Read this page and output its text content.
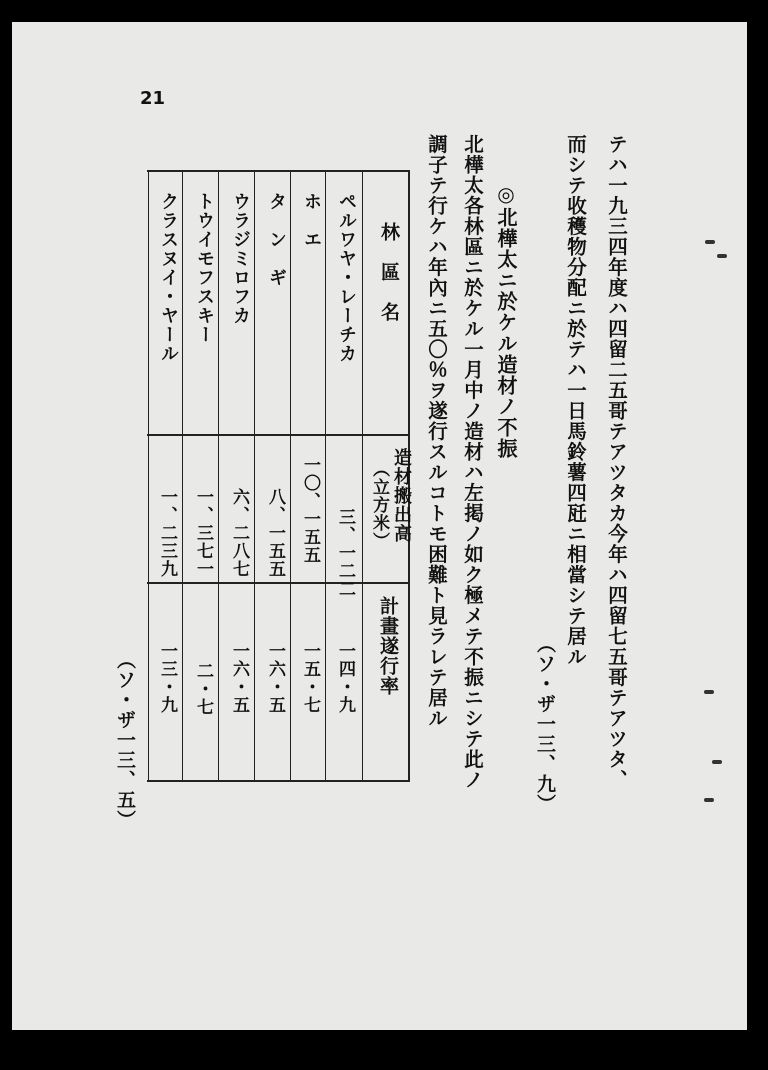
21
テハ一九三四年度ハ四留二五哥テアツタカ今年ハ四留七五哥テアツタ、
而シテ收穫物分配ニ於テハ一日馬鈴薯四瓩ニ相當シテ居ル
（ソ・ザ一三、九）
◎北樺太ニ於ケル造材ノ不振
北樺太各林區ニ於ケル一月中ノ造材ハ左掲ノ如ク極メテ不振ニシテ此ノ
調子テ行ケハ年內ニ五〇％ヲ遂行スルコトモ困難ト見ラレテ居ル
林　區　名
造材搬出高
（立方米）
計畫遂行率
ペルワヤ・レーチカ
三、一二二
一四・九
ホ　エ
一〇、一五五
一五・七
タ　ン　ギ
八、一五五
一六・五
ウラジミロフカ
六、二八七
一六・五
トウイモフスキー
一、三七一
二・七
クラスヌイ・ヤール
一、二三九
一三・九
（ソ・ザ一三、五）
